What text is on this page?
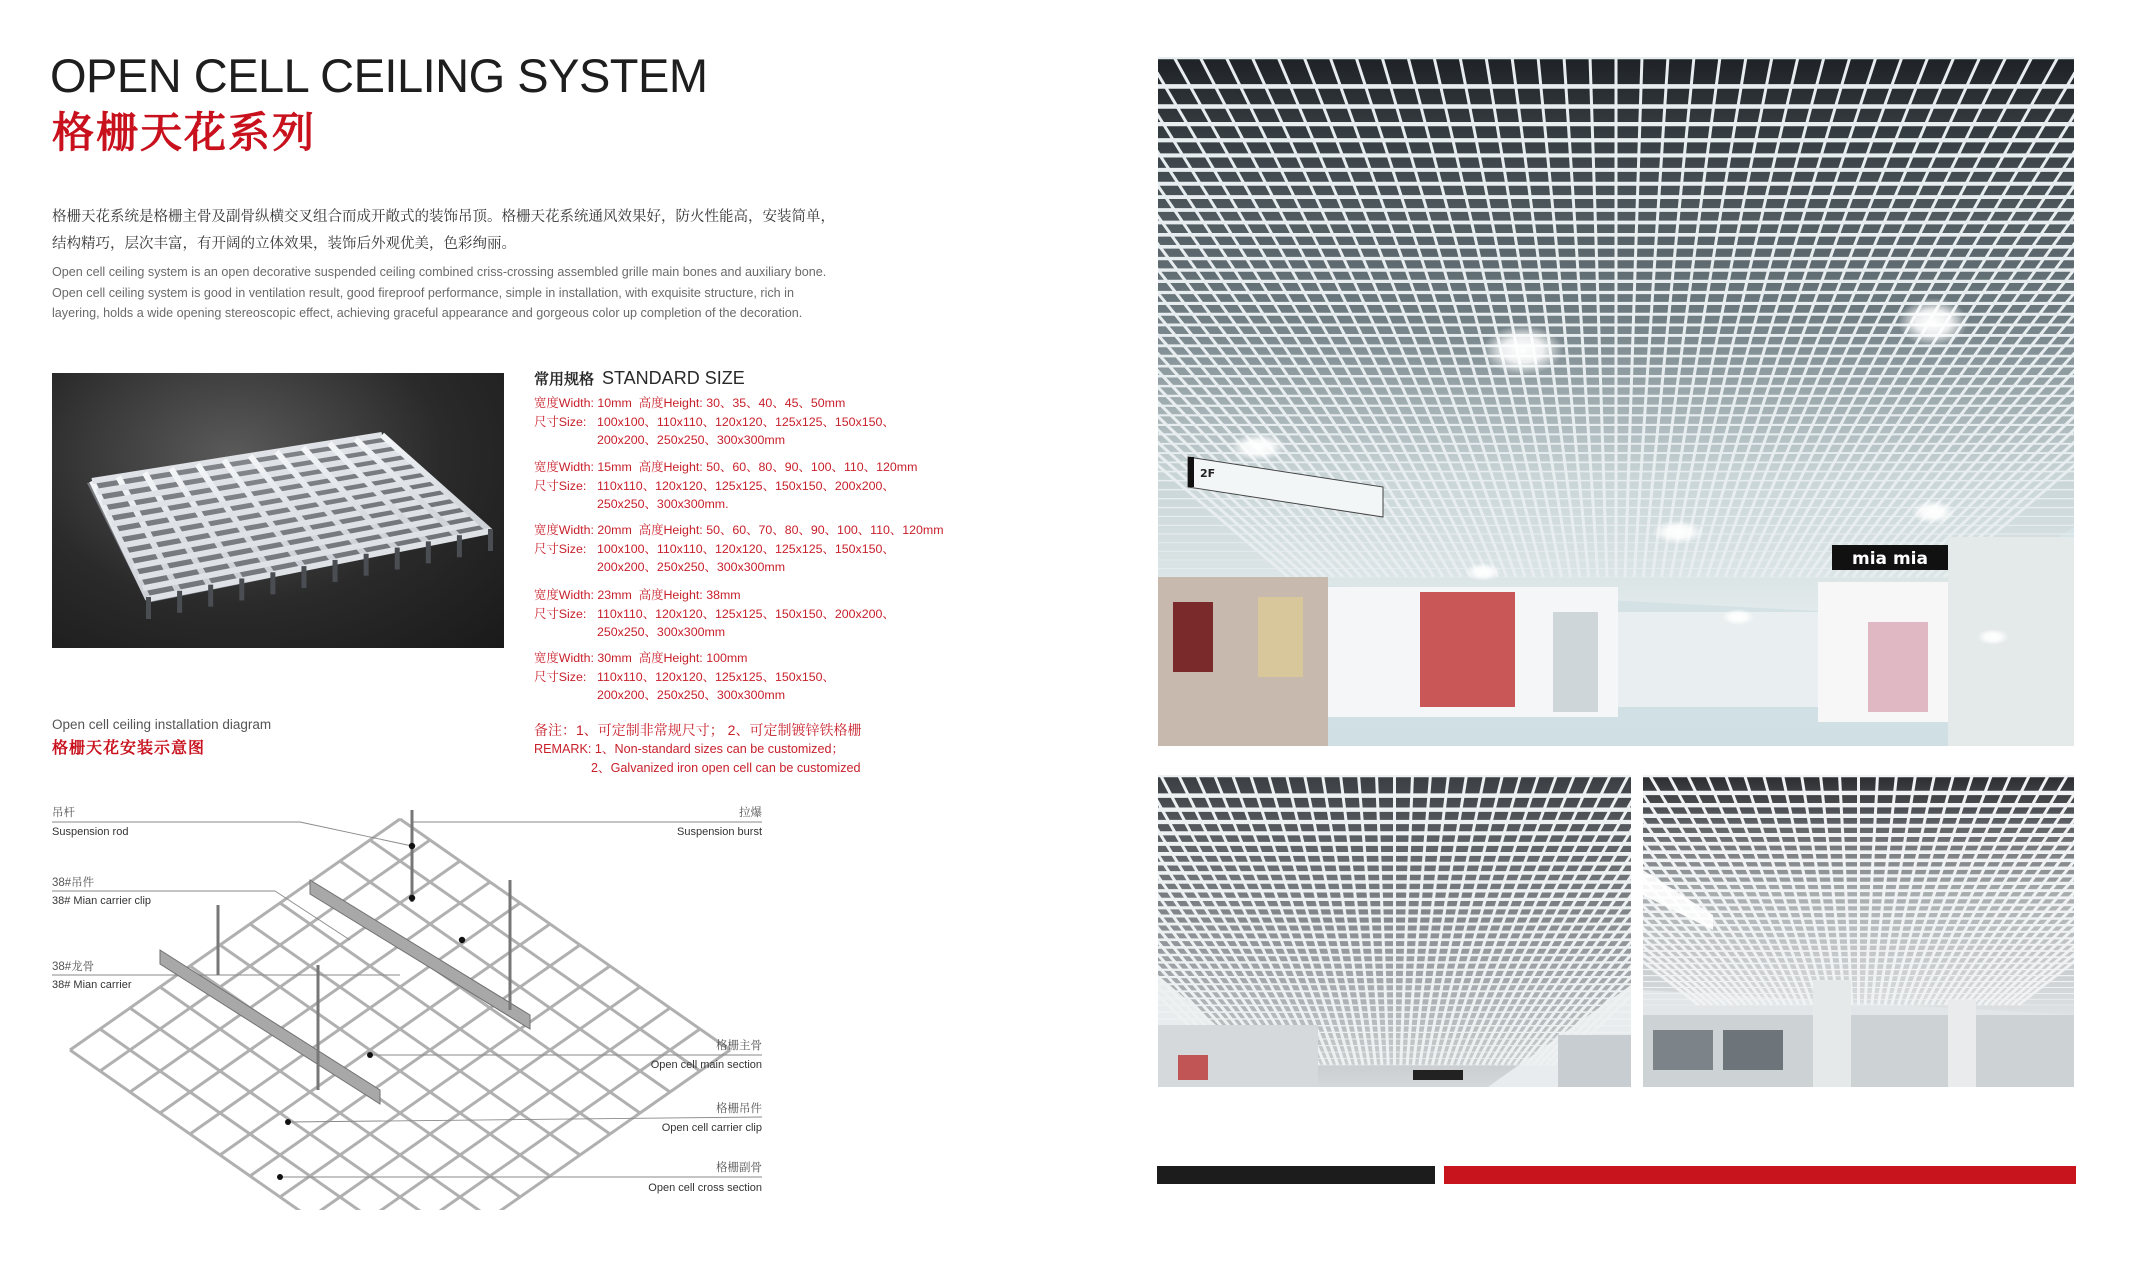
OPEN CELL CEILING SYSTEM
格栅天花系列
格栅天花系统是格栅主骨及副骨纵横交叉组合而成开敞式的装饰吊顶。格栅天花系统通风效果好，防火性能高，安装简单，
结构精巧，层次丰富，有开阔的立体效果，装饰后外观优美，色彩绚丽。
Open cell ceiling system is an open decorative suspended ceiling combined criss-crossing assembled grille main bones and auxiliary bone.
Open cell ceiling system is good in ventilation result, good fireproof performance, simple in installation, with exquisite structure, rich in
layering, holds a wide opening stereoscopic effect, achieving graceful appearance and gorgeous color up completion of the decoration.
常用规格 STANDARD SIZE
宽度Width:
10mm
高度Height:
30、35、40、45、50mm
尺寸Size: 100x100、110x110、120x120、125x125、150x150、
200x200、250x250、300x300mm
宽度Width:
15mm
高度Height:
50、60、80、90、100、110、120mm
尺寸Size: 110x110、120x120、125x125、150x150、200x200、
250x250、300x300mm.
宽度Width:
20mm
高度Height:
50、60、70、80、90、100、110、120mm
尺寸Size: 100x100、110x110、120x120、125x125、150x150、
200x200、250x250、300x300mm
宽度Width:
23mm
高度Height:
38mm
尺寸Size: 110x110、120x120、125x125、150x150、200x200、
250x250、300x300mm
宽度Width:
30mm
高度Height:
100mm
尺寸Size: 110x110、120x120、125x125、150x150、
200x200、250x250、300x300mm
备注：1、可定制非常规尺寸； 2、可定制镀锌铁格栅
REMARK: 1、Non-standard sizes can be customized；
2、Galvanized iron open cell can be customized
Open cell ceiling installation diagram
格栅天花安装示意图
吊杆
Suspension rod
38#吊件
38# Mian carrier clip
38#龙骨
38# Mian carrier
拉爆
Suspension burst
格栅主骨
Open cell main section
格栅吊件
Open cell carrier clip
格栅副骨
Open cell cross section
mia mia
2F
